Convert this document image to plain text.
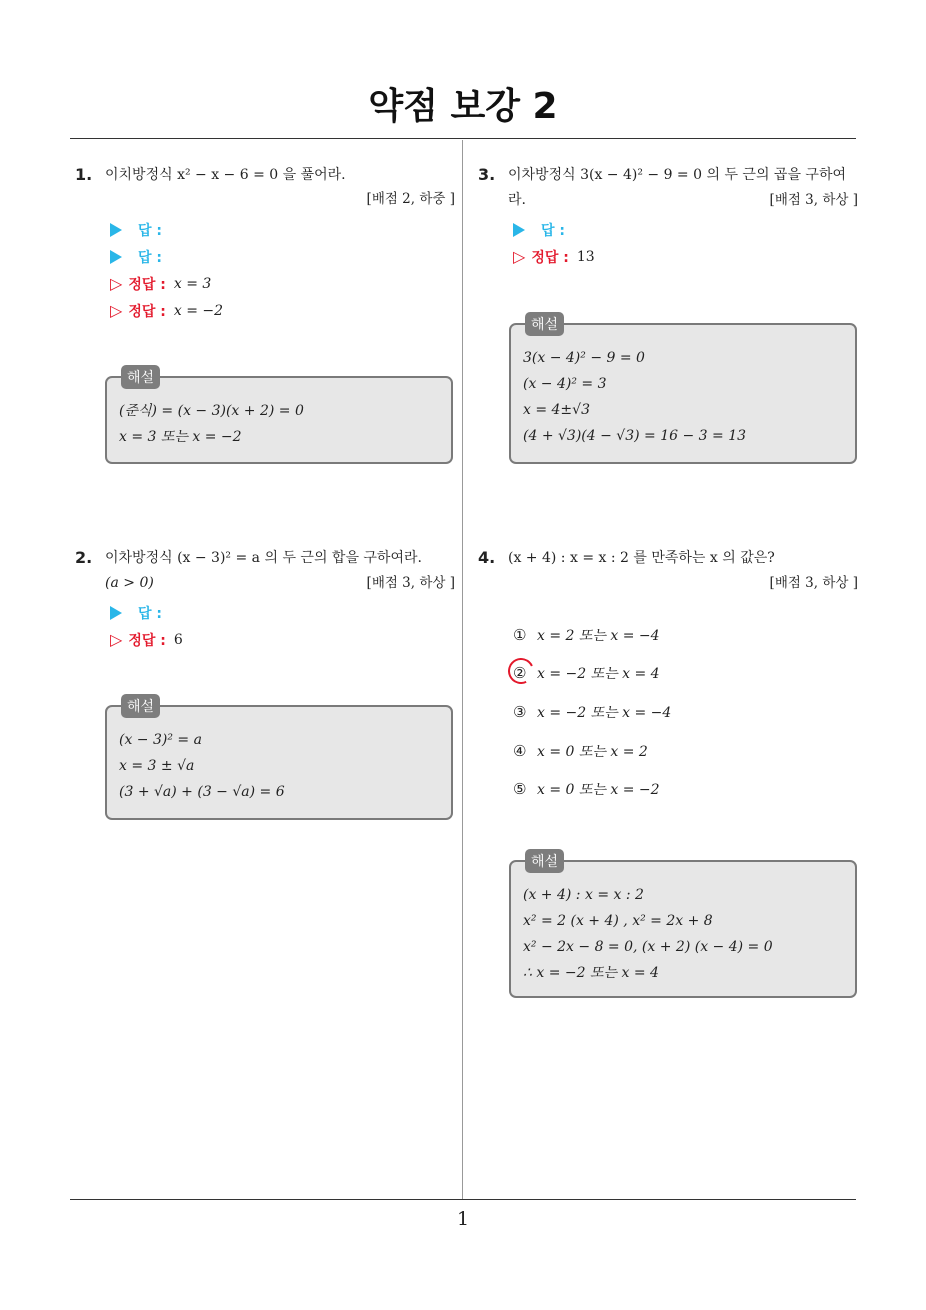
약점 보강 2
1. 이치방정식 x² − x − 6 = 0 을 풀어라.
[배점 2, 하중 ]
답 :
답 :
▷ 정답 : x = 3
▷ 정답 : x = −2
해설
(준식) = (x − 3)(x + 2) = 0
x = 3 또는 x = −2
2. 이차방정식 (x − 3)² = a 의 두 근의 합을 구하여라.
(a > 0)	[배점 3, 하상 ]
답 :
▷ 정답 : 6
해설
(x − 3)² = a
x = 3 ± √a
(3 + √a) + (3 − √a) = 6
3. 이차방정식 3(x − 4)² − 9 = 0 의 두 근의 곱을 구하여
라.	[배점 3, 하상 ]
답 :
▷ 정답 : 13
해설
3(x − 4)² − 9 = 0
(x − 4)² = 3
x = 4±√3
(4 + √3)(4 − √3) = 16 − 3 = 13
4. (x + 4) : x = x : 2 를 만족하는 x 의 값은?
[배점 3, 하상 ]
① x = 2 또는 x = −4
② x = −2 또는 x = 4
③ x = −2 또는 x = −4
④ x = 0 또는 x = 2
⑤ x = 0 또는 x = −2
해설
(x + 4) : x = x : 2
x² = 2 (x + 4) , x² = 2x + 8
x² − 2x − 8 = 0, (x + 2) (x − 4) = 0
∴ x = −2 또는 x = 4
1
